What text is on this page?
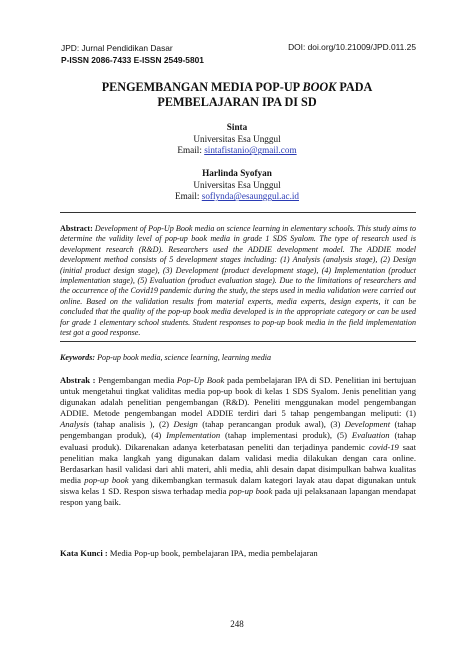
JPD: Jurnal Pendidikan Dasar
P-ISSN 2086-7433 E-ISSN 2549-5801
DOI: doi.org/10.21009/JPD.011.25
PENGEMBANGAN MEDIA POP-UP BOOK PADA
PEMBELAJARAN IPA DI SD
Sinta
Universitas Esa Unggul
Email: sintafistanio@gmail.com
Harlinda Syofyan
Universitas Esa Unggul
Email: soflynda@esaunggul.ac.id
Abstract: Development of Pop-Up Book media on science learning in elementary schools. This study aims to determine the validity level of pop-up book media in grade 1 SDS Syalom. The type of research used is development research (R&D). Researchers used the ADDIE development model. The ADDIE model development method consists of 5 development stages including: (1) Analysis (analysis stage), (2) Design (initial product design stage), (3) Development (product development stage), (4) Implementation (product implementation stage), (5) Evaluation (product evaluation stage). Due to the limitations of researchers and the occurrence of the Covid19 pandemic during the study, the steps used in media validation were carried out online. Based on the validation results from material experts, media experts, design experts, it can be concluded that the quality of the pop-up book media developed is in the appropriate category or can be used for grade 1 elementary school students. Student responses to pop-up book media in the field implementation test got a good response.
Keywords: Pop-up book media, science learning, learning media
Abstrak : Pengembangan media Pop-Up Book pada pembelajaran IPA di SD. Penelitian ini bertujuan untuk mengetahui tingkat validitas media pop-up book di kelas 1 SDS Syalom. Jenis penelitian yang digunakan adalah penelitian pengembangan (R&D). Peneliti menggunakan model pengembangan ADDIE. Metode pengembangan model ADDIE terdiri dari 5 tahap pengembangan meliputi: (1) Analysis (tahap analisis ), (2) Design (tahap perancangan produk awal), (3) Development (tahap pengembangan produk), (4) Implementation (tahap implementasi produk), (5) Evaluation (tahap evaluasi produk). Dikarenakan adanya keterbatasan peneliti dan terjadinya pandemic covid-19 saat penelitian maka langkah yang digunakan dalam validasi media dilakukan dengan cara online. Berdasarkan hasil validasi dari ahli materi, ahli media, ahli desain dapat disimpulkan bahwa kualitas media pop-up book yang dikembangkan termasuk dalam kategori layak atau dapat digunakan untuk siswa kelas 1 SD. Respon siswa terhadap media pop-up book pada uji pelaksanaan lapangan mendapat respon yang baik.
Kata Kunci : Media Pop-up book, pembelajaran IPA, media pembelajaran
248
